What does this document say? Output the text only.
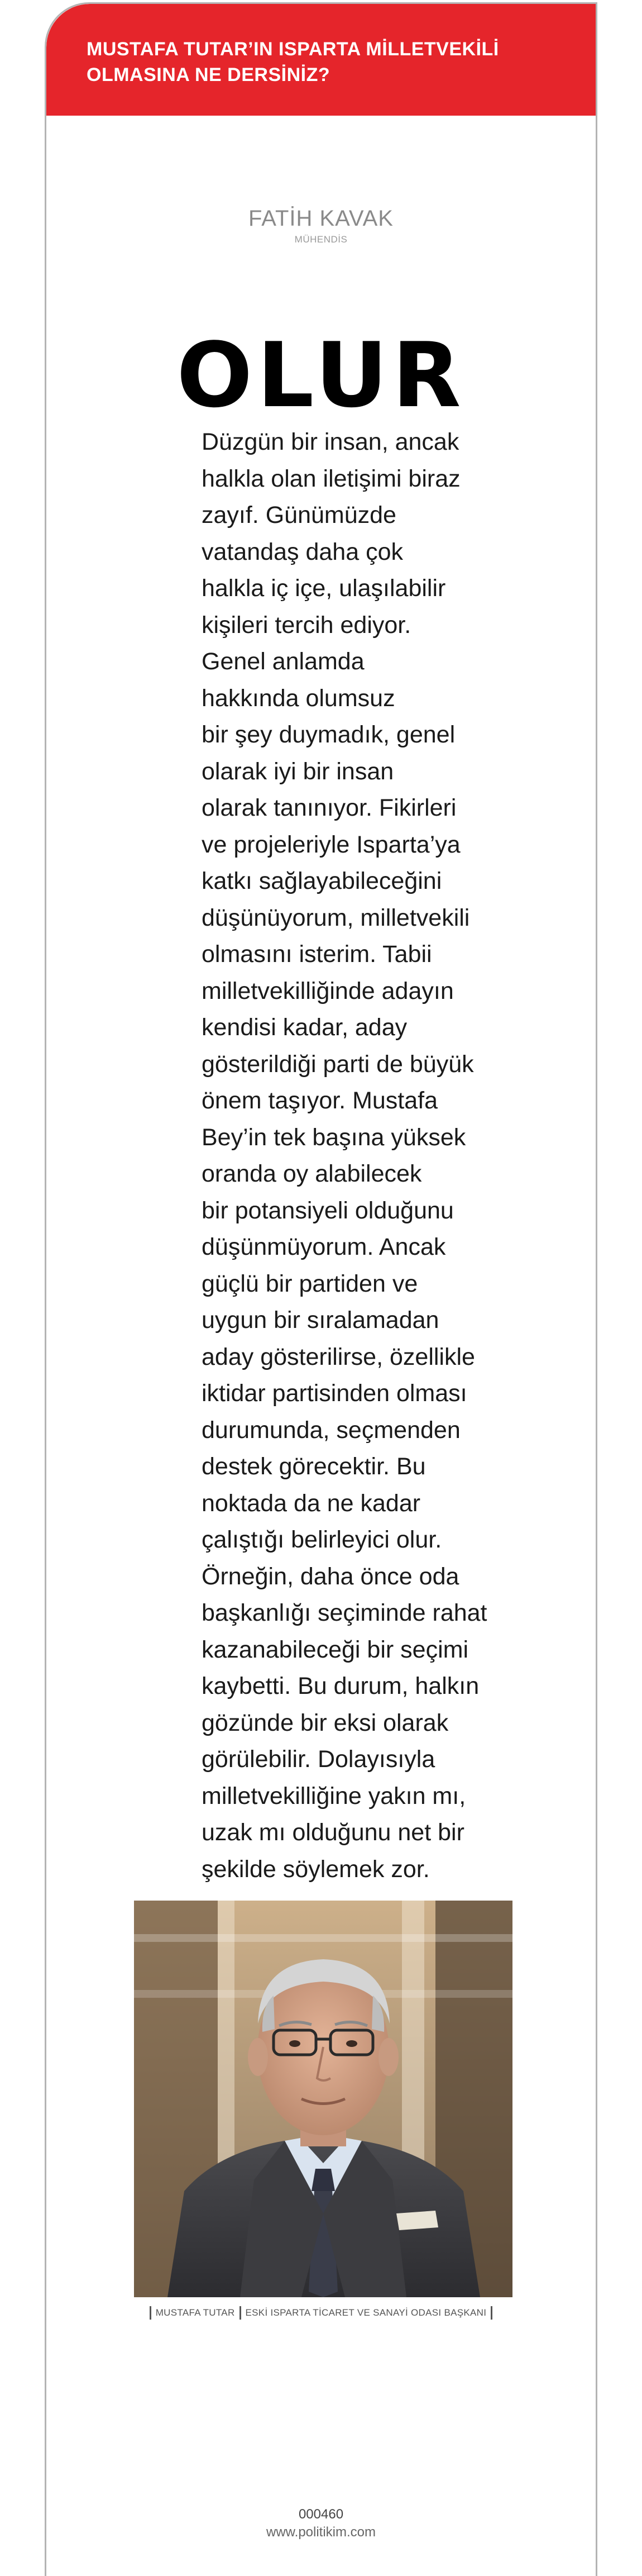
MUSTAFA TUTAR’IN ISPARTA MİLLETVEKİLİ
OLMASINA NE DERSİNİZ?
FATİH KAVAK
MÜHENDİS
OLUR

Düzgün bir insan, ancak
halkla olan iletişimi biraz
zayıf. Günümüzde
vatandaş daha çok
halkla iç içe, ulaşılabilir
kişileri tercih ediyor.
Genel anlamda
hakkında olumsuz
bir şey duymadık, genel
olarak iyi bir insan
olarak tanınıyor. Fikirleri
ve projeleriyle Isparta’ya
katkı sağlayabileceğini
düşünüyorum, milletvekili
olmasını isterim. Tabii
milletvekilliğinde adayın
kendisi kadar, aday
gösterildiği parti de büyük
önem taşıyor. Mustafa
Bey’in tek başına yüksek
oranda oy alabilecek
bir potansiyeli olduğunu
düşünmüyorum. Ancak
güçlü bir partiden ve
uygun bir sıralamadan
aday gösterilirse, özellikle
iktidar partisinden olması
durumunda, seçmenden
destek görecektir. Bu
noktada da ne kadar
çalıştığı belirleyici olur.
Örneğin, daha önce oda
başkanlığı seçiminde rahat
kazanabileceği bir seçimi
kaybetti. Bu durum, halkın
gözünde bir eksi olarak
görülebilir. Dolayısıyla
milletvekilliğine yakın mı,
uzak mı olduğunu net bir
şekilde söylemek zor.

MUSTAFA TUTAR ESKİ ISPARTA TİCARET VE SANAYİ ODASI BAŞKANI
000460
www.politikim.com
